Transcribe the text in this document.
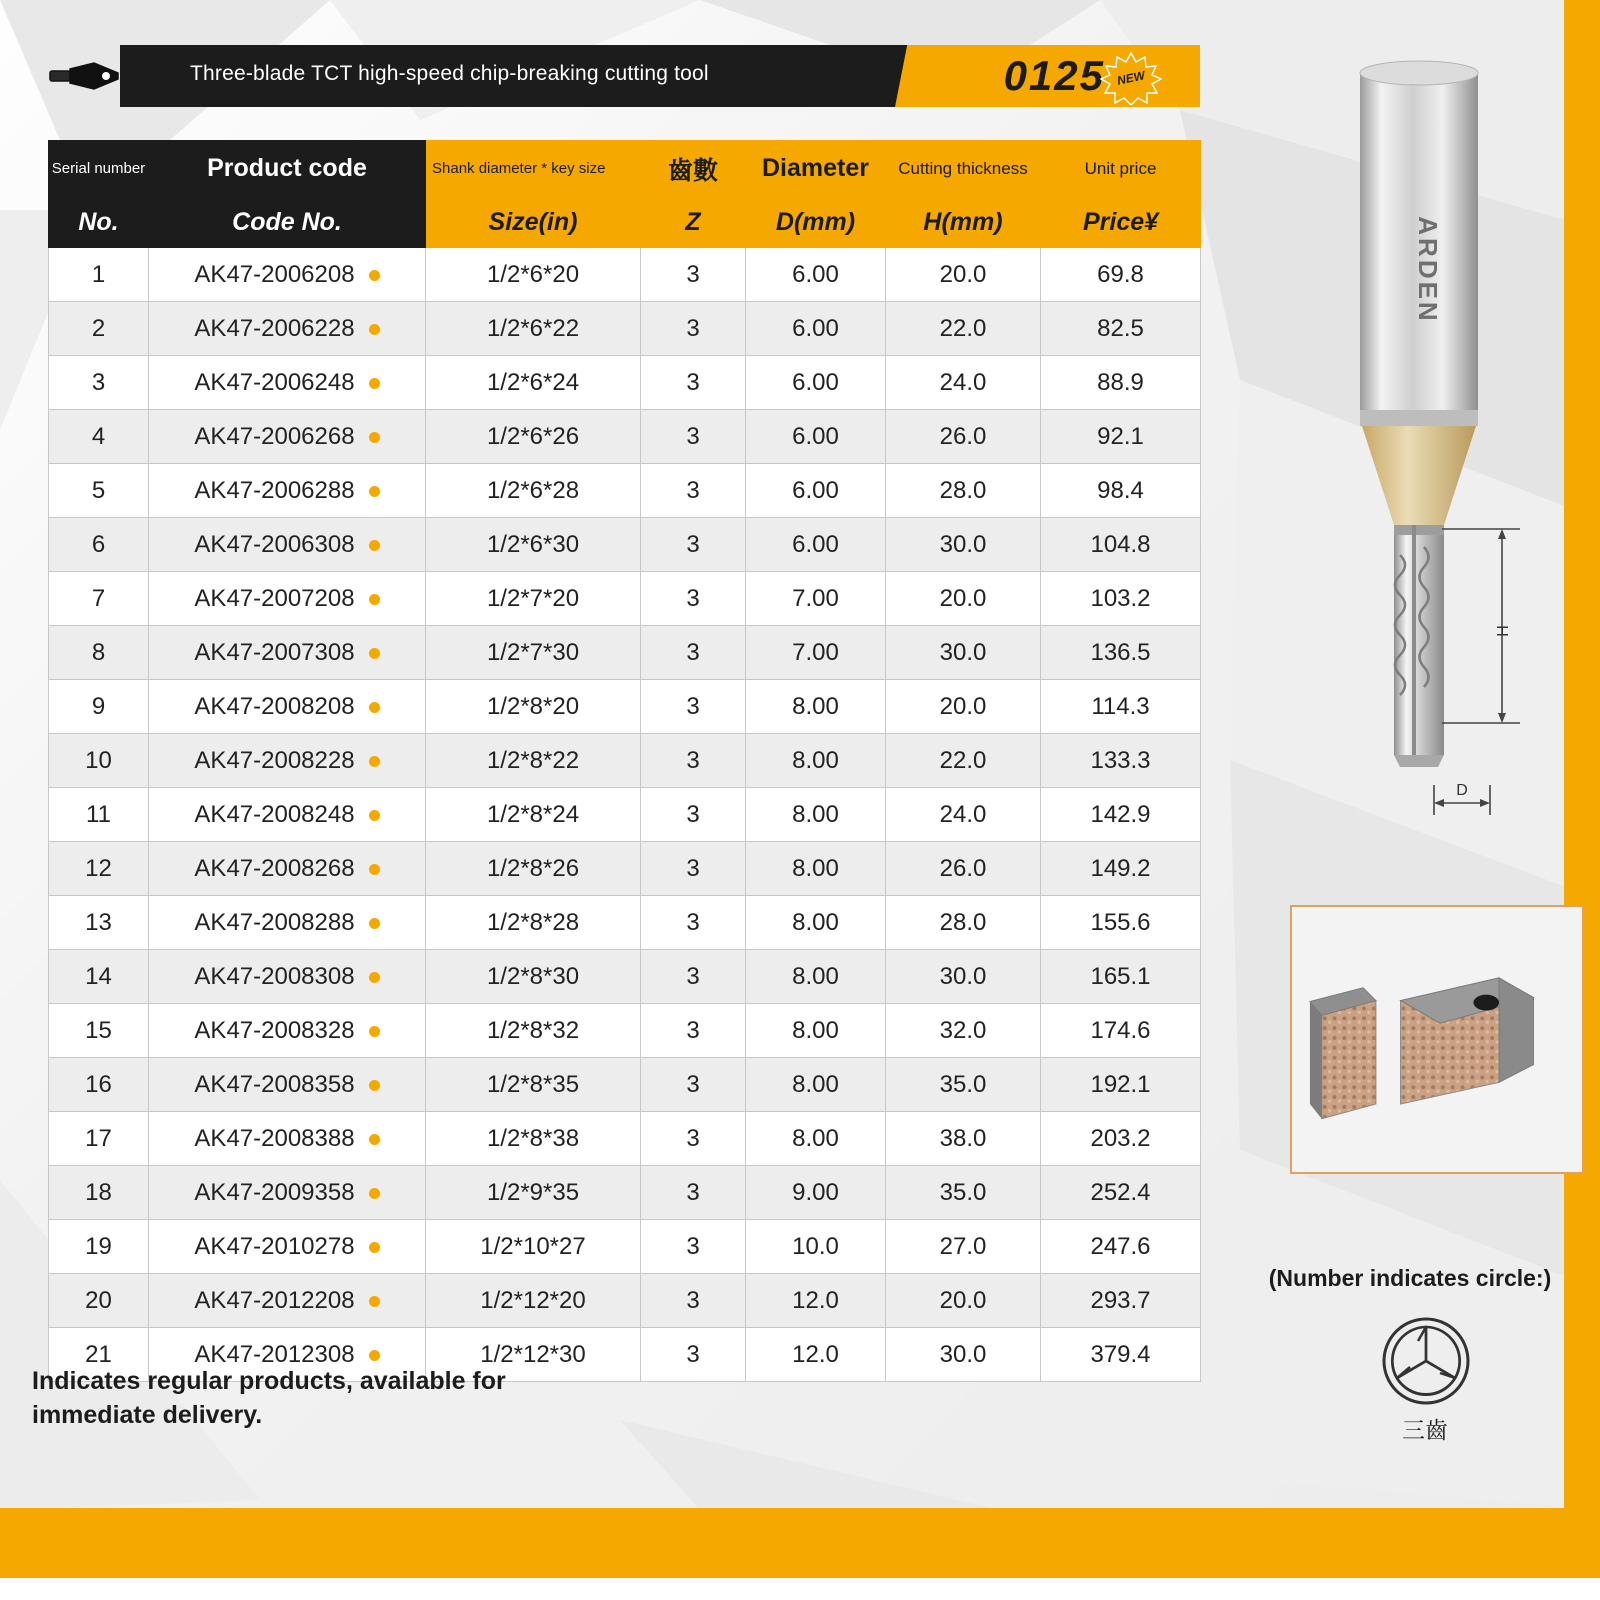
Three-blade TCT high-speed chip-breaking cutting tool	0125 NEW
Serial number	Product code	Shank diameter * key size	齒數	Diameter	Cutting thickness	Unit price
No.	Code No.	Size(in)	Z	D(mm)	H(mm)	Price¥
1	AK47-2006208	1/2*6*20	3	6.00	20.0	69.8
2	AK47-2006228	1/2*6*22	3	6.00	22.0	82.5
3	AK47-2006248	1/2*6*24	3	6.00	24.0	88.9
4	AK47-2006268	1/2*6*26	3	6.00	26.0	92.1
5	AK47-2006288	1/2*6*28	3	6.00	28.0	98.4
6	AK47-2006308	1/2*6*30	3	6.00	30.0	104.8
7	AK47-2007208	1/2*7*20	3	7.00	20.0	103.2
8	AK47-2007308	1/2*7*30	3	7.00	30.0	136.5
9	AK47-2008208	1/2*8*20	3	8.00	20.0	114.3
10	AK47-2008228	1/2*8*22	3	8.00	22.0	133.3
11	AK47-2008248	1/2*8*24	3	8.00	24.0	142.9
12	AK47-2008268	1/2*8*26	3	8.00	26.0	149.2
13	AK47-2008288	1/2*8*28	3	8.00	28.0	155.6
14	AK47-2008308	1/2*8*30	3	8.00	30.0	165.1
15	AK47-2008328	1/2*8*32	3	8.00	32.0	174.6
16	AK47-2008358	1/2*8*35	3	8.00	35.0	192.1
17	AK47-2008388	1/2*8*38	3	8.00	38.0	203.2
18	AK47-2009358	1/2*9*35	3	9.00	35.0	252.4
19	AK47-2010278	1/2*10*27	3	10.0	27.0	247.6
20	AK47-2012208	1/2*12*20	3	12.0	20.0	293.7
21	AK47-2012308	1/2*12*30	3	12.0	30.0	379.4
Indicates regular products, available for immediate delivery.
ARDEN
H
D
(Number indicates circle:)
三齒
